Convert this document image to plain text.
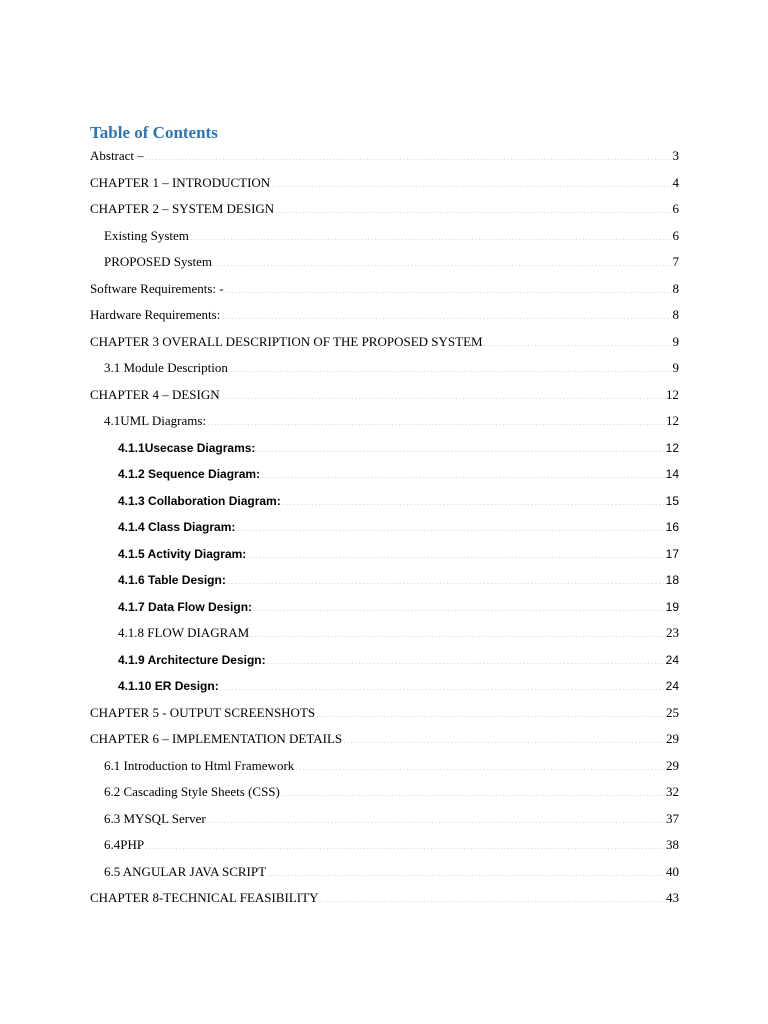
Table of Contents
Abstract – .....	3
CHAPTER 1 – INTRODUCTION .....	4
CHAPTER 2 – SYSTEM DESIGN .....	6
Existing System .....	6
PROPOSED System .....	7
Software Requirements: - .....	8
Hardware Requirements: .....	8
CHAPTER 3 OVERALL DESCRIPTION OF THE PROPOSED SYSTEM .....	9
3.1 Module Description .....	9
CHAPTER 4 – DESIGN .....	12
4.1UML Diagrams: .....	12
4.1.1Usecase Diagrams: .....	12
4.1.2 Sequence Diagram: .....	14
4.1.3 Collaboration Diagram: .....	15
4.1.4 Class Diagram: .....	16
4.1.5 Activity Diagram: .....	17
4.1.6 Table Design: .....	18
4.1.7 Data Flow Design: .....	19
4.1.8 FLOW DIAGRAM .....	23
4.1.9 Architecture Design: .....	24
4.1.10 ER Design: .....	24
CHAPTER 5 - OUTPUT SCREENSHOTS .....	25
CHAPTER 6 – IMPLEMENTATION DETAILS .....	29
6.1 Introduction to Html Framework .....	29
6.2 Cascading Style Sheets (CSS) .....	32
6.3 MYSQL Server .....	37
6.4PHP .....	38
6.5 ANGULAR JAVA SCRIPT .....	40
CHAPTER 8-TECHNICAL FEASIBILITY .....	43
